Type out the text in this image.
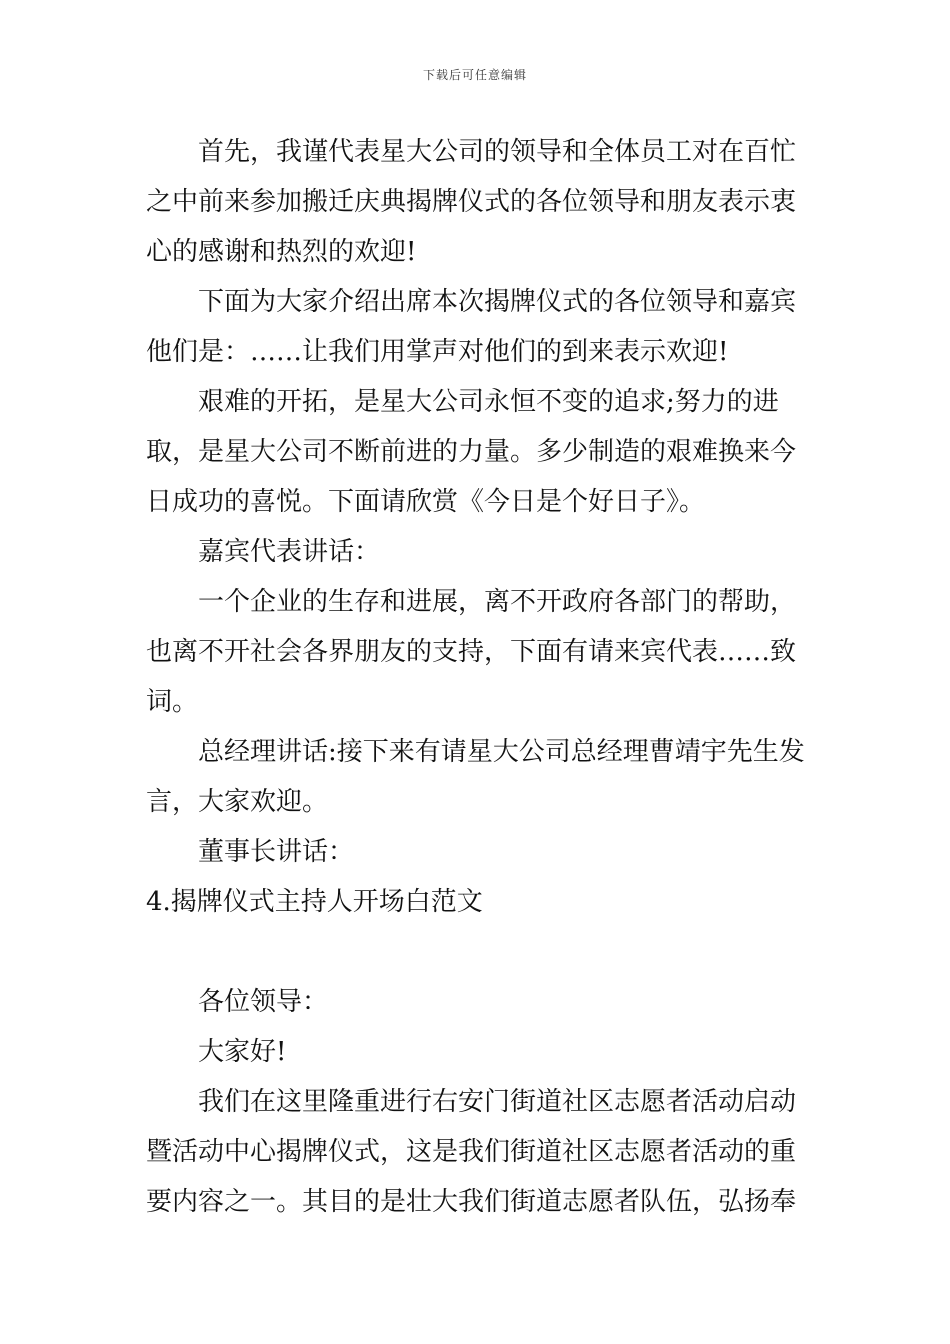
下载后可任意编辑

首先，我谨代表星大公司的领导和全体员工对在百忙之中前来参加搬迁庆典揭牌仪式的各位领导和朋友表示衷心的感谢和热烈的欢迎!

下面为大家介绍出席本次揭牌仪式的各位领导和嘉宾他们是：……让我们用掌声对他们的到来表示欢迎!

艰难的开拓，是星大公司永恒不变的追求;努力的进取，是星大公司不断前进的力量。多少制造的艰难换来今日成功的喜悦。下面请欣赏《今日是个好日子》。

嘉宾代表讲话：

一个企业的生存和进展，离不开政府各部门的帮助，也离不开社会各界朋友的支持，下面有请来宾代表……致词。

总经理讲话:接下来有请星大公司总经理曹靖宇先生发言，大家欢迎。

董事长讲话：

4.揭牌仪式主持人开场白范文

各位领导：

大家好!

我们在这里隆重进行右安门街道社区志愿者活动启动暨活动中心揭牌仪式，这是我们街道社区志愿者活动的重要内容之一。其目的是壮大我们街道志愿者队伍，弘扬奉
